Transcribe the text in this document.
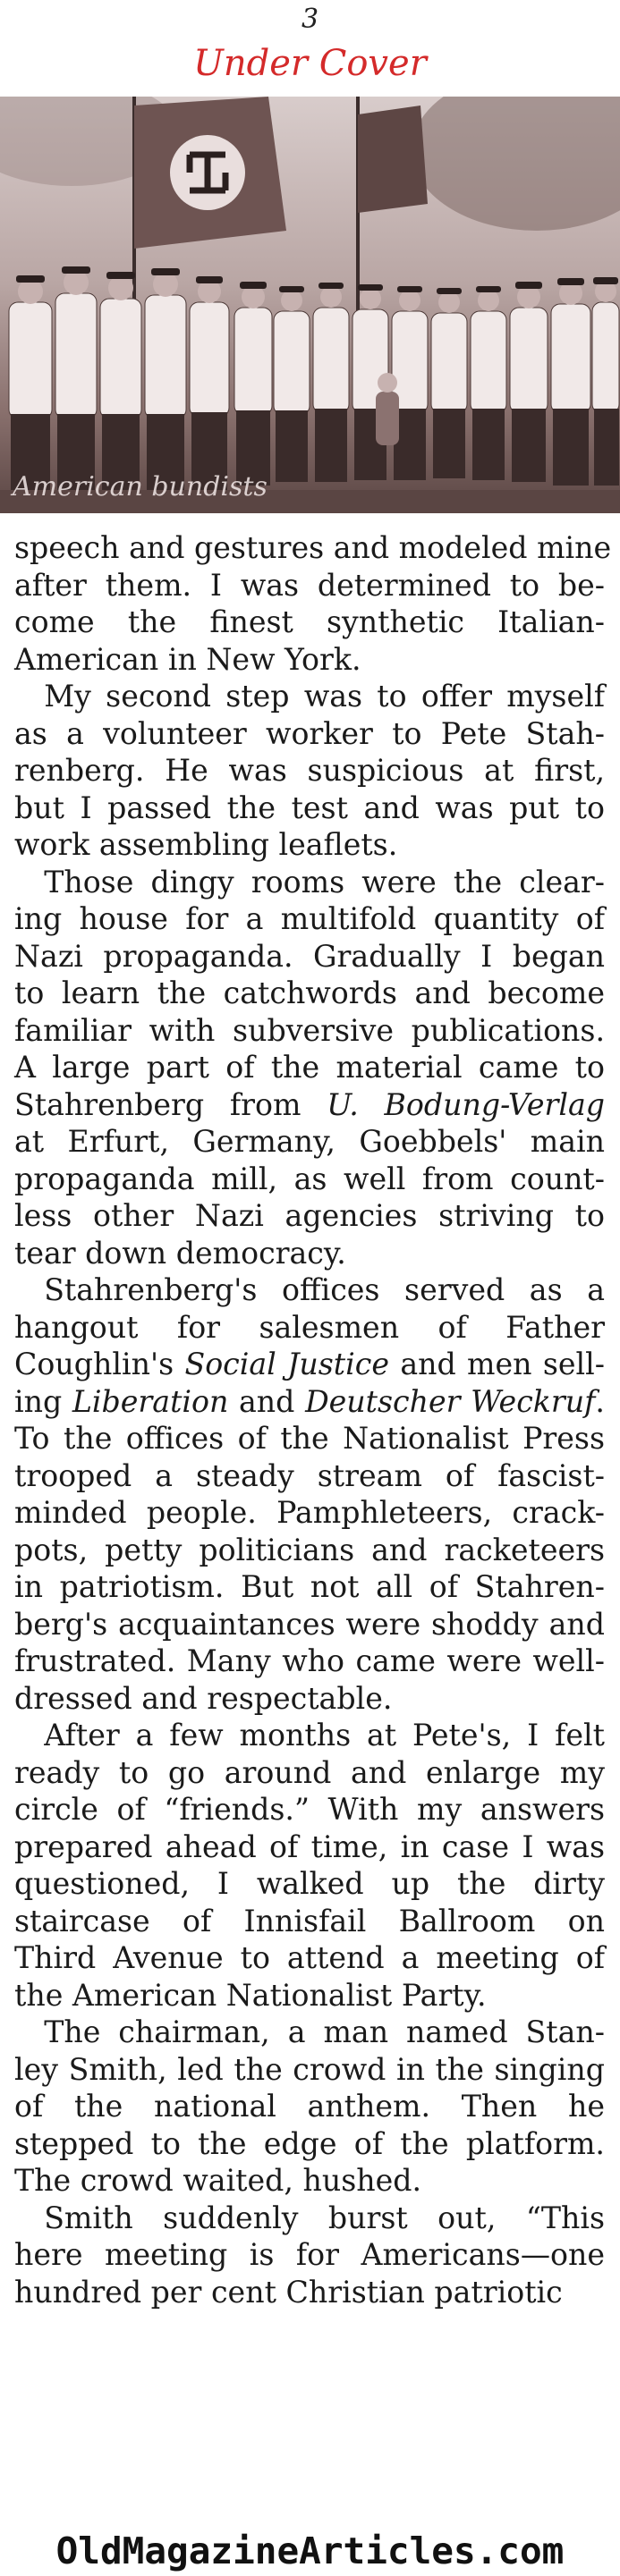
3
Under Cover
American bundists

speech and gestures and modeled mine
after them. I was determined to be-
come the finest synthetic Italian-
American in New York.

My second step was to offer myself
as a volunteer worker to Pete Stah-
renberg. He was suspicious at first,
but I passed the test and was put to
work assembling leaflets.

Those dingy rooms were the clear-
ing house for a multifold quantity of
Nazi propaganda. Gradually I began
to learn the catchwords and become
familiar with subversive publications.
A large part of the material came to
Stahrenberg from U. Bodung-Verlag
at Erfurt, Germany, Goebbels' main
propaganda mill, as well from count-
less other Nazi agencies striving to
tear down democracy.

Stahrenberg's offices served as a
hangout for salesmen of Father
Coughlin's Social Justice and men sell-
ing Liberation and Deutscher Weckruf.
To the offices of the Nationalist Press
trooped a steady stream of fascist-
minded people. Pamphleteers, crack-
pots, petty politicians and racketeers
in patriotism. But not all of Stahren-
berg's acquaintances were shoddy and
frustrated. Many who came were well-
dressed and respectable.

After a few months at Pete's, I felt
ready to go around and enlarge my
circle of “friends.” With my answers
prepared ahead of time, in case I was
questioned, I walked up the dirty
staircase of Innisfail Ballroom on
Third Avenue to attend a meeting of
the American Nationalist Party.

The chairman, a man named Stan-
ley Smith, led the crowd in the singing
of the national anthem. Then he
stepped to the edge of the platform.
The crowd waited, hushed.

Smith suddenly burst out, “This
here meeting is for Americans—one
hundred per cent Christian patriotic

OldMagazineArticles.com
